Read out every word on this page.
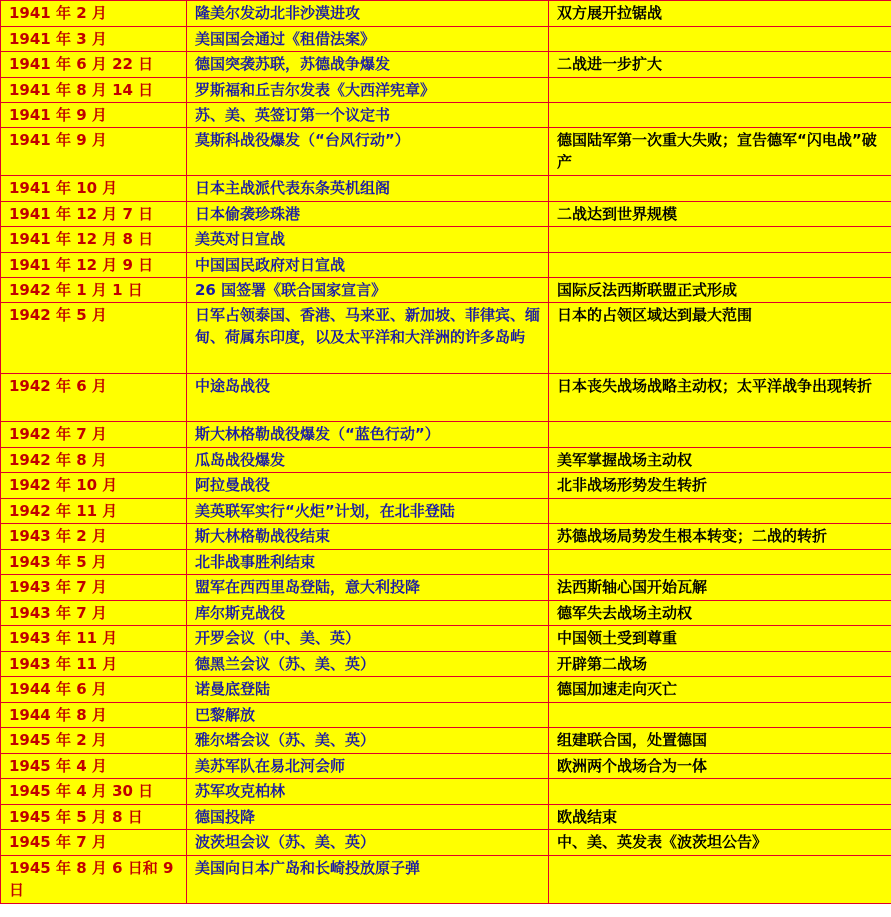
1941 年 2 月	隆美尔发动北非沙漠进攻	双方展开拉锯战
1941 年 3 月	美国国会通过《租借法案》	
1941 年 6 月 22 日	德国突袭苏联，苏德战争爆发	二战进一步扩大
1941 年 8 月 14 日	罗斯福和丘吉尔发表《大西洋宪章》	
1941 年 9 月	苏、美、英签订第一个议定书	
1941 年 9 月	莫斯科战役爆发（“台风行动”）	德国陆军第一次重大失败；宣告德军“闪电战”破产
1941 年 10 月	日本主战派代表东条英机组阁	
1941 年 12 月 7 日	日本偷袭珍珠港	二战达到世界规模
1941 年 12 月 8 日	美英对日宣战	
1941 年 12 月 9 日	中国国民政府对日宣战	
1942 年 1 月 1 日	26 国签署《联合国家宣言》	国际反法西斯联盟正式形成
1942 年 5 月	日军占领泰国、香港、马来亚、新加坡、菲律宾、缅甸、荷属东印度，以及太平洋和大洋洲的许多岛屿	日本的占领区域达到最大范围
1942 年 6 月	中途岛战役	日本丧失战场战略主动权；太平洋战争出现转折
1942 年 7 月	斯大林格勒战役爆发（“蓝色行动”）	
1942 年 8 月	瓜岛战役爆发	美军掌握战场主动权
1942 年 10 月	阿拉曼战役	北非战场形势发生转折
1942 年 11 月	美英联军实行“火炬”计划，在北非登陆	
1943 年 2 月	斯大林格勒战役结束	苏德战场局势发生根本转变；二战的转折
1943 年 5 月	北非战事胜利结束	
1943 年 7 月	盟军在西西里岛登陆，意大利投降	法西斯轴心国开始瓦解
1943 年 7 月	库尔斯克战役	德军失去战场主动权
1943 年 11 月	开罗会议（中、美、英）	中国领土受到尊重
1943 年 11 月	德黑兰会议（苏、美、英）	开辟第二战场
1944 年 6 月	诺曼底登陆	德国加速走向灭亡
1944 年 8 月	巴黎解放	
1945 年 2 月	雅尔塔会议（苏、美、英）	组建联合国，处置德国
1945 年 4 月	美苏军队在易北河会师	欧洲两个战场合为一体
1945 年 4 月 30 日	苏军攻克柏林	
1945 年 5 月 8 日	德国投降	欧战结束
1945 年 7 月	波茨坦会议（苏、美、英）	中、美、英发表《波茨坦公告》
1945 年 8 月 6 日和 9 日	美国向日本广岛和长崎投放原子弹	
